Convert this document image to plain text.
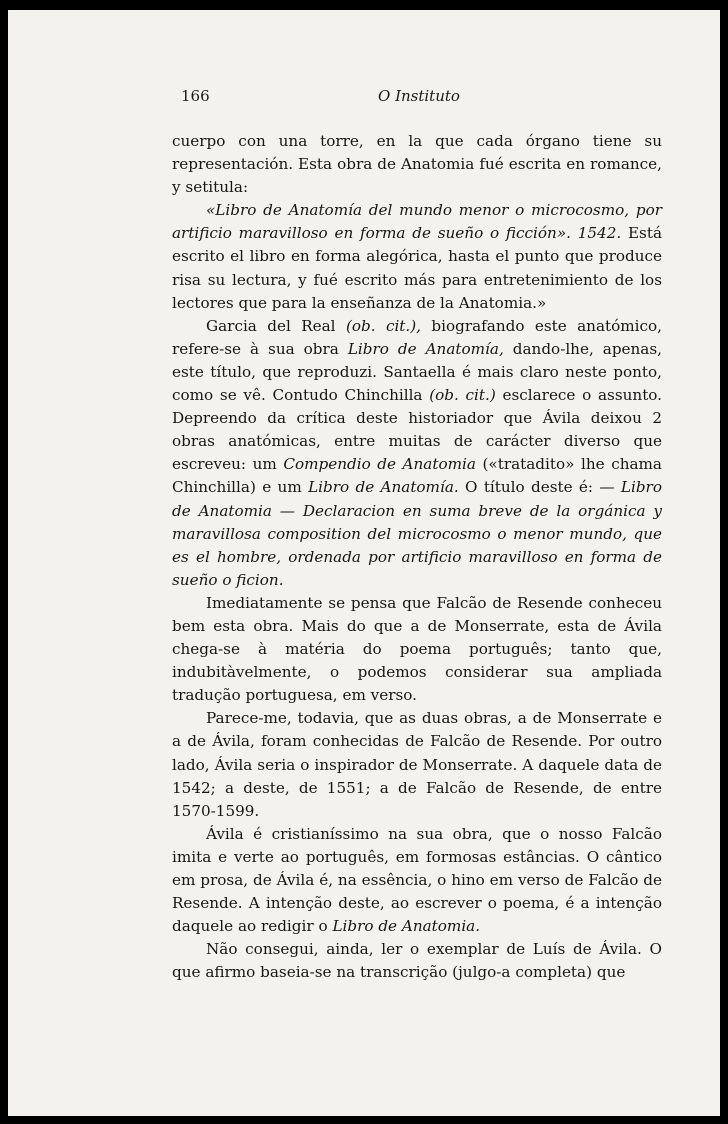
166	O Instituto

cuerpo con una torre, en la que cada órgano tiene su representación. Esta obra de Anatomia fué escrita en romance, y setitula:

«Libro de Anatomía del mundo menor o microcosmo, por artificio maravilloso en forma de sueño o ficción». 1542. Está escrito el libro en forma alegórica, hasta el punto que produce risa su lectura, y fué escrito más para entretenimiento de los lectores que para la enseñanza de la Anatomia.»

Garcia del Real (ob. cit.), biografando este anatómico, refere-se à sua obra Libro de Anatomía, dando-lhe, apenas, este título, que reproduzi. Santaella é mais claro neste ponto, como se vê. Contudo Chinchilla (ob. cit.) esclarece o assunto. Depreendo da crítica deste historiador que Ávila deixou 2 obras anatómicas, entre muitas de carácter diverso que escreveu: um Compendio de Anatomia («tratadito» lhe chama Chinchilla) e um Libro de Anatomía. O título deste é: — Libro de Anatomia — Declaracion en suma breve de la orgánica y maravillosa composition del microcosmo o menor mundo, que es el hombre, ordenada por artificio maravilloso en forma de sueño o ficion.

Imediatamente se pensa que Falcão de Resende conheceu bem esta obra. Mais do que a de Monserrate, esta de Ávila chega-se à matéria do poema português; tanto que, indubitàvelmente, o podemos considerar sua ampliada tradução portuguesa, em verso.

Parece-me, todavia, que as duas obras, a de Monserrate e a de Ávila, foram conhecidas de Falcão de Resende. Por outro lado, Ávila seria o inspirador de Monserrate. A daquele data de 1542; a deste, de 1551; a de Falcão de Resende, de entre 1570-1599.

Ávila é cristianíssimo na sua obra, que o nosso Falcão imita e verte ao português, em formosas estâncias. O cântico em prosa, de Ávila é, na essência, o hino em verso de Falcão de Resende. A intenção deste, ao escrever o poema, é a intenção daquele ao redigir o Libro de Anatomia.

Não consegui, ainda, ler o exemplar de Luís de Ávila. O que afirmo baseia-se na transcrição (julgo-a completa) que
